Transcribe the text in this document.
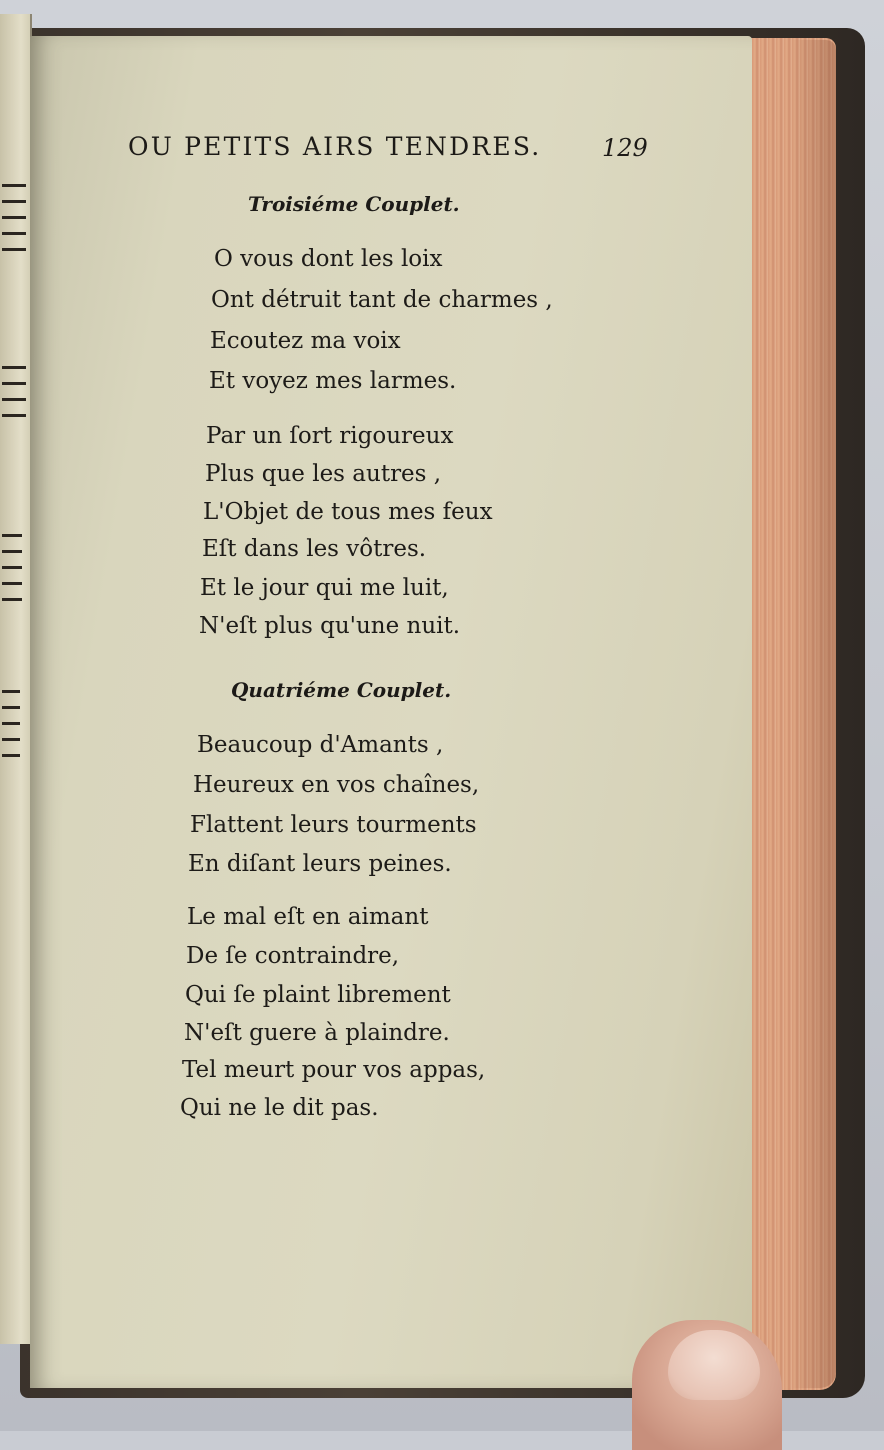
OU PETITS AIRS TENDRES.	129
Troisiéme Couplet.
O vous dont les loix
Ont détruit tant de charmes ,
Ecoutez ma voix
Et voyez mes larmes.
Par un ſort rigoureux
Plus que les autres ,
L'Objet de tous mes feux
Eſt dans les vôtres.
Et le jour qui me luit,
N'eſt plus qu'une nuit.
Quatriéme Couplet.
Beaucoup d'Amants ,
Heureux en vos chaînes,
Flattent leurs tourments
En diſant leurs peines.
Le mal eſt en aimant
De ſe contraindre,
Qui ſe plaint librement
N'eſt guere à plaindre.
Tel meurt pour vos appas,
Qui ne le dit pas.
